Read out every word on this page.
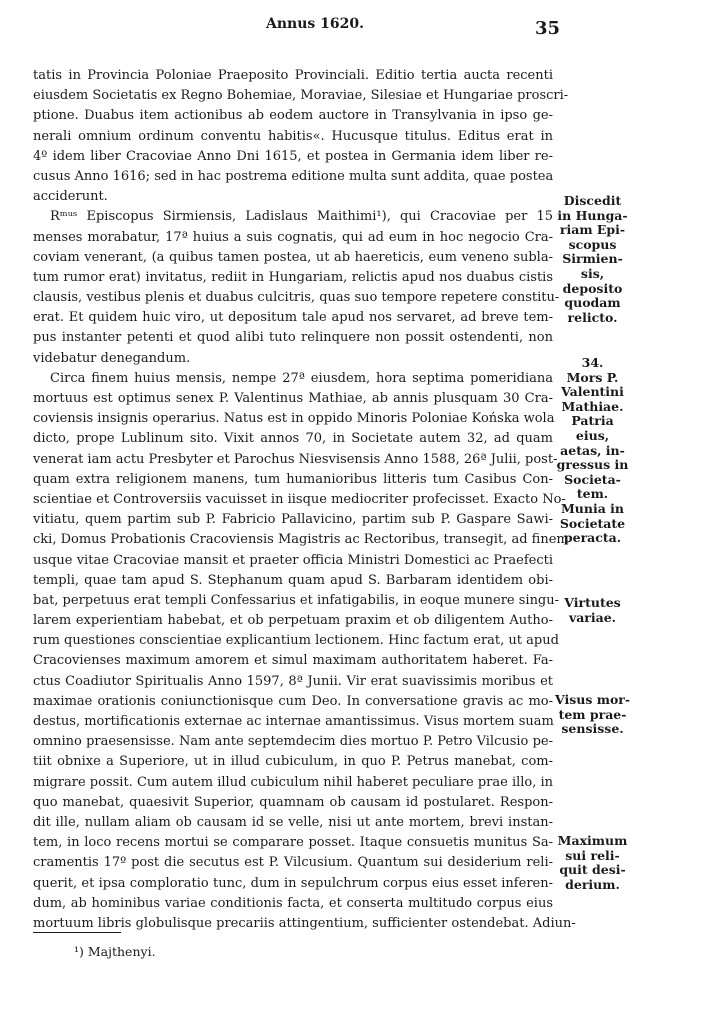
Annus 1620.	35
tatis in Provincia Poloniae Praeposito Provinciali. Editio tertia aucta recenti
eiusdem Societatis ex Regno Bohemiae, Moraviae, Silesiae et Hungariae proscri-
ptione. Duabus item actionibus ab eodem auctore in Transylvania in ipso ge-
nerali omnium ordinum conventu habitis«. Hucusque titulus. Editus erat in
4º idem liber Cracoviae Anno Dni 1615, et postea in Germania idem liber re-
cusus Anno 1616; sed in hac postrema editione multa sunt addita, quae postea
acciderunt.
Rᵐᵘˢ Episcopus Sirmiensis, Ladislaus Maithimi¹), qui Cracoviae per 15
menses morabatur, 17ª huius a suis cognatis, qui ad eum in hoc negocio Cra-
coviam venerant, (a quibus tamen postea, ut ab haereticis, eum veneno subla-
tum rumor erat) invitatus, rediit in Hungariam, relictis apud nos duabus cistis
clausis, vestibus plenis et duabus culcitris, quas suo tempore repetere constitu-
erat. Et quidem huic viro, ut depositum tale apud nos servaret, ad breve tem-
pus instanter petenti et quod alibi tuto relinquere non possit ostendenti, non
videbatur denegandum.
Circa finem huius mensis, nempe 27ª eiusdem, hora septima pomeridiana
mortuus est optimus senex P. Valentinus Mathiae, ab annis plusquam 30 Cra-
coviensis insignis operarius. Natus est in oppido Minoris Poloniae Końska wola
dicto, prope Lublinum sito. Vixit annos 70, in Societate autem 32, ad quam
venerat iam actu Presbyter et Parochus Niesvisensis Anno 1588, 26ª Julii, post-
quam extra religionem manens, tum humanioribus litteris tum Casibus Con-
scientiae et Controversiis vacuisset in iisque mediocriter profecisset. Exacto No-
vitiatu, quem partim sub P. Fabricio Pallavicino, partim sub P. Gaspare Sawi-
cki, Domus Probationis Cracoviensis Magistris ac Rectoribus, transegit, ad finem
usque vitae Cracoviae mansit et praeter officia Ministri Domestici ac Praefecti
templi, quae tam apud S. Stephanum quam apud S. Barbaram identidem obi-
bat, perpetuus erat templi Confessarius et infatigabilis, in eoque munere singu-
larem experientiam habebat, et ob perpetuam praxim et ob diligentem Autho-
rum questiones conscientiae explicantium lectionem. Hinc factum erat, ut apud
Cracovienses maximum amorem et simul maximam authoritatem haberet. Fa-
ctus Coadiutor Spiritualis Anno 1597, 8ª Junii. Vir erat suavissimis moribus et
maximae orationis coniunctionisque cum Deo. In conversatione gravis ac mo-
destus, mortificationis externae ac internae amantissimus. Visus mortem suam
omnino praesensisse. Nam ante septemdecim dies mortuo P. Petro Vilcusio pe-
tiit obnixe a Superiore, ut in illud cubiculum, in quo P. Petrus manebat, com-
migrare possit. Cum autem illud cubiculum nihil haberet peculiare prae illo, in
quo manebat, quaesivit Superior, quamnam ob causam id postularet. Respon-
dit ille, nullam aliam ob causam id se velle, nisi ut ante mortem, brevi instan-
tem, in loco recens mortui se comparare posset. Itaque consuetis munitus Sa-
cramentis 17º post die secutus est P. Vilcusium. Quantum sui desiderium reli-
querit, et ipsa comploratio tunc, dum in sepulchrum corpus eius esset inferen-
dum, ab hominibus variae conditionis facta, et conserta multitudo corpus eius
mortuum libris globulisque precariis attingentium, sufficienter ostendebat. Adiun-
Discedit
in Hunga-
riam Epi-
scopus
Sirmien-
sis,
deposito
quodam
relicto.
34.
Mors P.
Valentini
Mathiae.
Patria
eius,
aetas, in-
gressus in
Societa-
tem.
Munia in
Societate
peracta.
Virtutes
variae.
Visus mor-
tem prae-
sensisse.
Maximum
sui reli-
quit desi-
derium.
¹) Majthenyi.
